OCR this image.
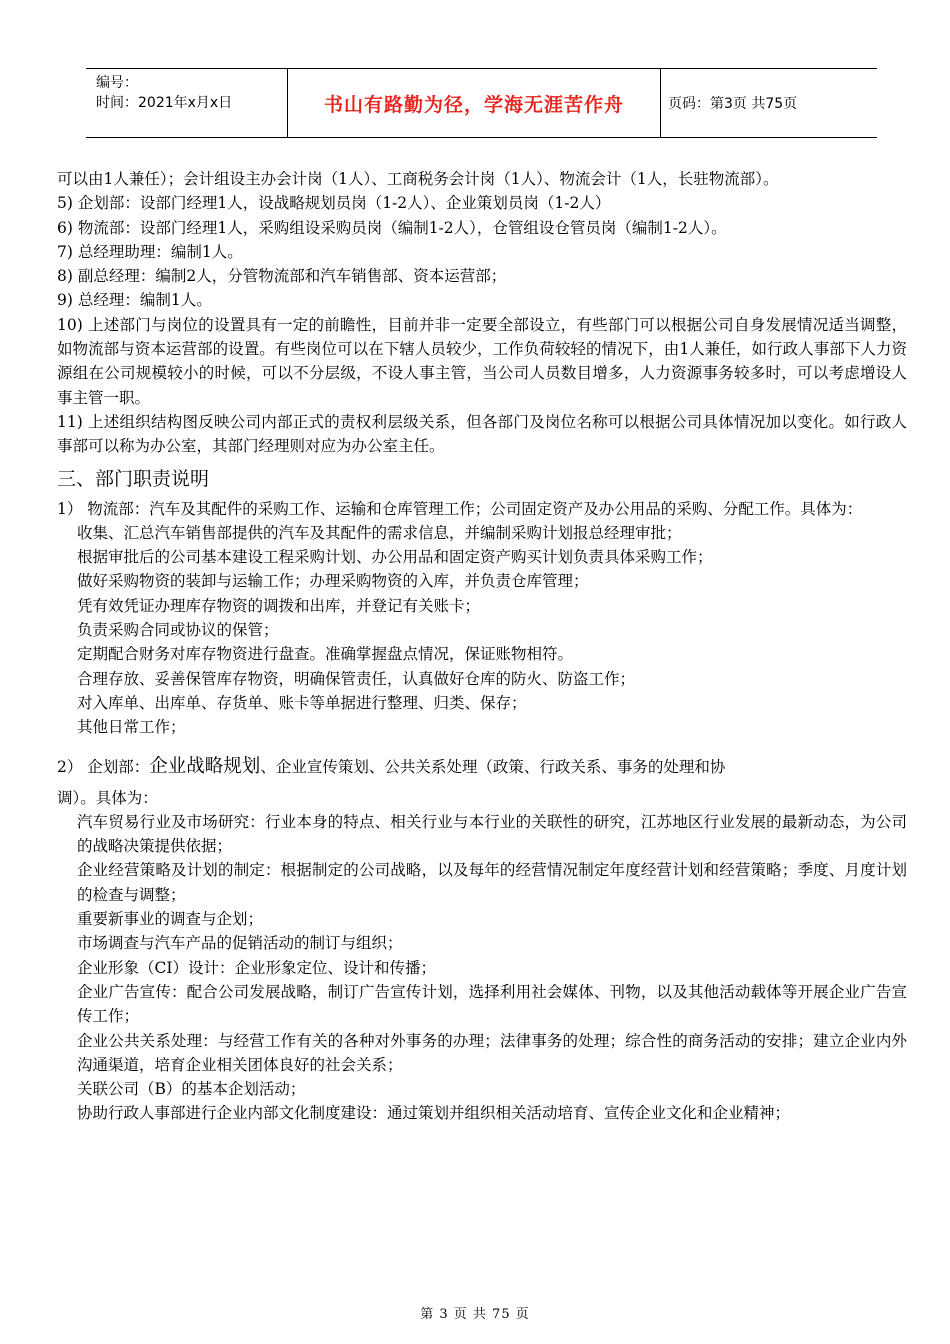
编号：
时间：2021年x月x日	书山有路勤为径，学海无涯苦作舟	页码：第3页 共75页

可以由1人兼任）；会计组设主办会计岗（1人）、工商税务会计岗（1人）、物流会计（1人，长驻物流部）。

5) 企划部：设部门经理1人，设战略规划员岗（1-2人）、企业策划员岗（1-2人）

6) 物流部：设部门经理1人，采购组设采购员岗（编制1-2人），仓管组设仓管员岗（编制1-2人）。

7) 总经理助理：编制1人。

8) 副总经理：编制2人，分管物流部和汽车销售部、资本运营部；

9) 总经理：编制1人。

10) 上述部门与岗位的设置具有一定的前瞻性，目前并非一定要全部设立，有些部门可以根据公司自身发展情况适当调整，如物流部与资本运营部的设置。有些岗位可以在下辖人员较少，工作负荷较轻的情况下，由1人兼任，如行政人事部下人力资源组在公司规模较小的时候，可以不分层级，不设人事主管，当公司人员数目增多，人力资源事务较多时，可以考虑增设人事主管一职。

11) 上述组织结构图反映公司内部正式的责权利层级关系，但各部门及岗位名称可以根据公司具体情况加以变化。如行政人事部可以称为办公室，其部门经理则对应为办公室主任。

三、部门职责说明

1） 物流部：汽车及其配件的采购工作、运输和仓库管理工作；公司固定资产及办公用品的采购、分配工作。具体为：

收集、汇总汽车销售部提供的汽车及其配件的需求信息，并编制采购计划报总经理审批；

根据审批后的公司基本建设工程采购计划、办公用品和固定资产购买计划负责具体采购工作；

做好采购物资的装卸与运输工作；办理采购物资的入库，并负责仓库管理；

凭有效凭证办理库存物资的调拨和出库，并登记有关账卡；

负责采购合同或协议的保管；

定期配合财务对库存物资进行盘查。准确掌握盘点情况，保证账物相符。

合理存放、妥善保管库存物资，明确保管责任，认真做好仓库的防火、防盗工作；

对入库单、出库单、存货单、账卡等单据进行整理、归类、保存；

其他日常工作；

2） 企划部：企业战略规划、企业宣传策划、公共关系处理（政策、行政关系、事务的处理和协

调）。具体为：

汽车贸易行业及市场研究：行业本身的特点、相关行业与本行业的关联性的研究，江苏地区行业发展的最新动态，为公司的战略决策提供依据；

企业经营策略及计划的制定：根据制定的公司战略，以及每年的经营情况制定年度经营计划和经营策略；季度、月度计划的检查与调整；

重要新事业的调查与企划；

市场调查与汽车产品的促销活动的制订与组织；

企业形象（CI）设计：企业形象定位、设计和传播；

企业广告宣传：配合公司发展战略，制订广告宣传计划，选择利用社会媒体、刊物，以及其他活动载体等开展企业广告宣传工作；

企业公共关系处理：与经营工作有关的各种对外事务的办理；法律事务的处理；综合性的商务活动的安排；建立企业内外沟通渠道，培育企业相关团体良好的社会关系；

关联公司（B）的基本企划活动；

协助行政人事部进行企业内部文化制度建设：通过策划并组织相关活动培育、宣传企业文化和企业精神；

第 3 页 共 75 页
